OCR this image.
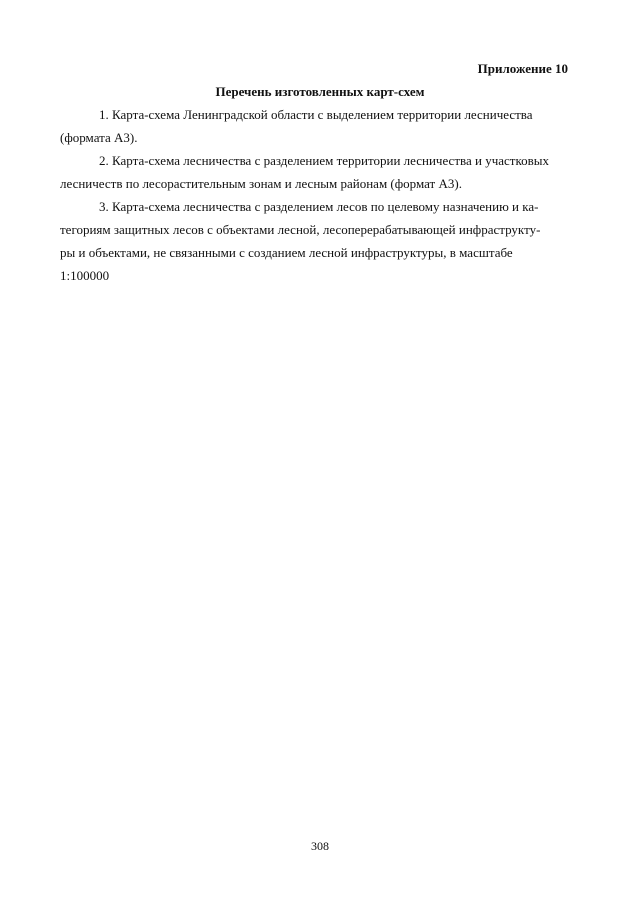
Приложение 10
Перечень изготовленных карт-схем
1. Карта-схема Ленинградской области с выделением территории лесничества
(формата А3).
2. Карта-схема лесничества с разделением территории лесничества и участковых
лесничеств по лесорастительным зонам и лесным районам (формат А3).
3. Карта-схема лесничества с разделением лесов по целевому назначению и ка-
тегориям защитных лесов с объектами лесной, лесоперерабатывающей инфраструкту-
ры и объектами, не связанными с созданием лесной инфраструктуры, в масштабе
1:100000
308
